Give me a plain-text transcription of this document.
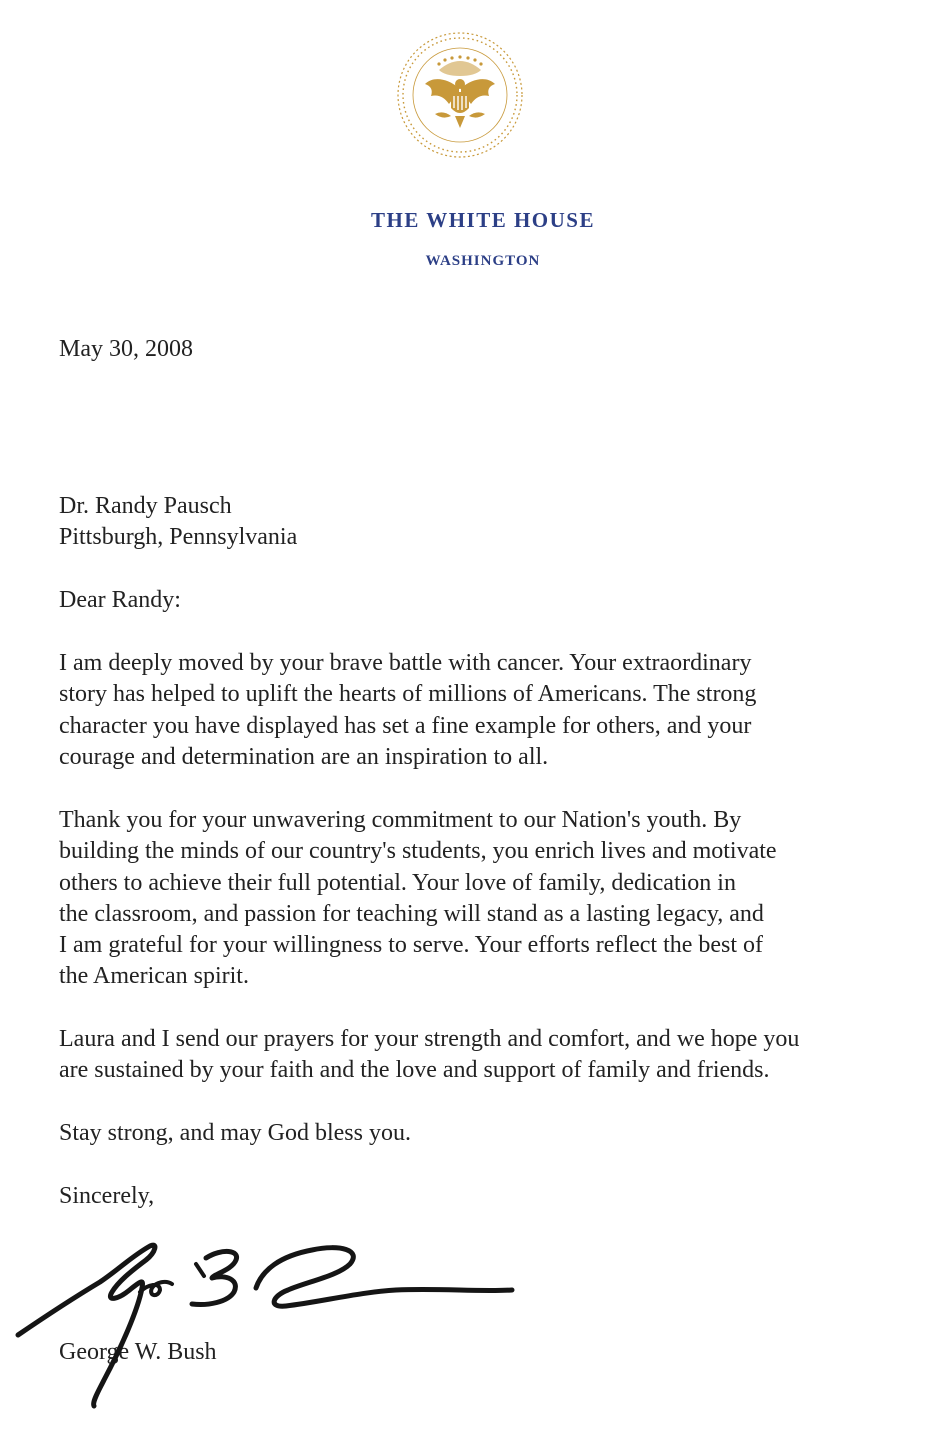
THE WHITE HOUSE
WASHINGTON
May 30, 2008
Dr. Randy Pausch
Pittsburgh, Pennsylvania
Dear Randy:
I am deeply moved by your brave battle with cancer. Your extraordinary
story has helped to uplift the hearts of millions of Americans. The strong
character you have displayed has set a fine example for others, and your
courage and determination are an inspiration to all.
Thank you for your unwavering commitment to our Nation's youth. By
building the minds of our country's students, you enrich lives and motivate
others to achieve their full potential. Your love of family, dedication in
the classroom, and passion for teaching will stand as a lasting legacy, and
I am grateful for your willingness to serve. Your efforts reflect the best of
the American spirit.
Laura and I send our prayers for your strength and comfort, and we hope you
are sustained by your faith and the love and support of family and friends.
Stay strong, and may God bless you.
Sincerely,
George W. Bush
